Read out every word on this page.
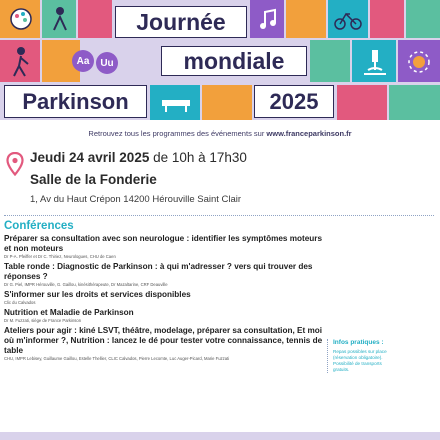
Journée
Aa	Uu	mondiale
Parkinson	2025
Retrouvez tous les programmes des événements sur www.franceparkinson.fr
Jeudi 24 avril 2025 de 10h à 17h30
Salle de la Fonderie
1, Av du Haut Crépon 14200 Hérouville Saint Clair
Conférences
Préparer sa consultation avec son neurologue : identifier les symptômes moteurs et non moteurs
Dr P-A. Pfeiffer et Dr C. Thiriez, Neurologues, CHU de Caen
Table ronde : Diagnostic de Parkinson : à qui m'adresser ? vers qui trouver des réponses ?
Dr G. Piel, IMPR Hérouville, G. Gaillou, kinésithérapeute, Dr Mazaltarine, CRF Deauville
S'informer sur les droits et services disponibles
Clic du Calvados
Nutrition et Maladie de Parkinson
Dr M. Fuzzati, siège de France Parkinson
Ateliers pour agir : kiné LSVT, théâtre, modelage, préparer sa consultation, Et moi où m'informer ?, Nutrition : lancez le dé pour tester votre connaissance, tennis de table
CHU, IMPR Lebisey, Guillaume Gaillou, Estelle Thellier, CLIC Calvados, Pierre Lecomte, Luc Auger-Picard, Marie Fuzzati
Infos pratiques :
Repas possibles sur place
(réservation obligatoire).
Possibilité de transports
gratuits.
